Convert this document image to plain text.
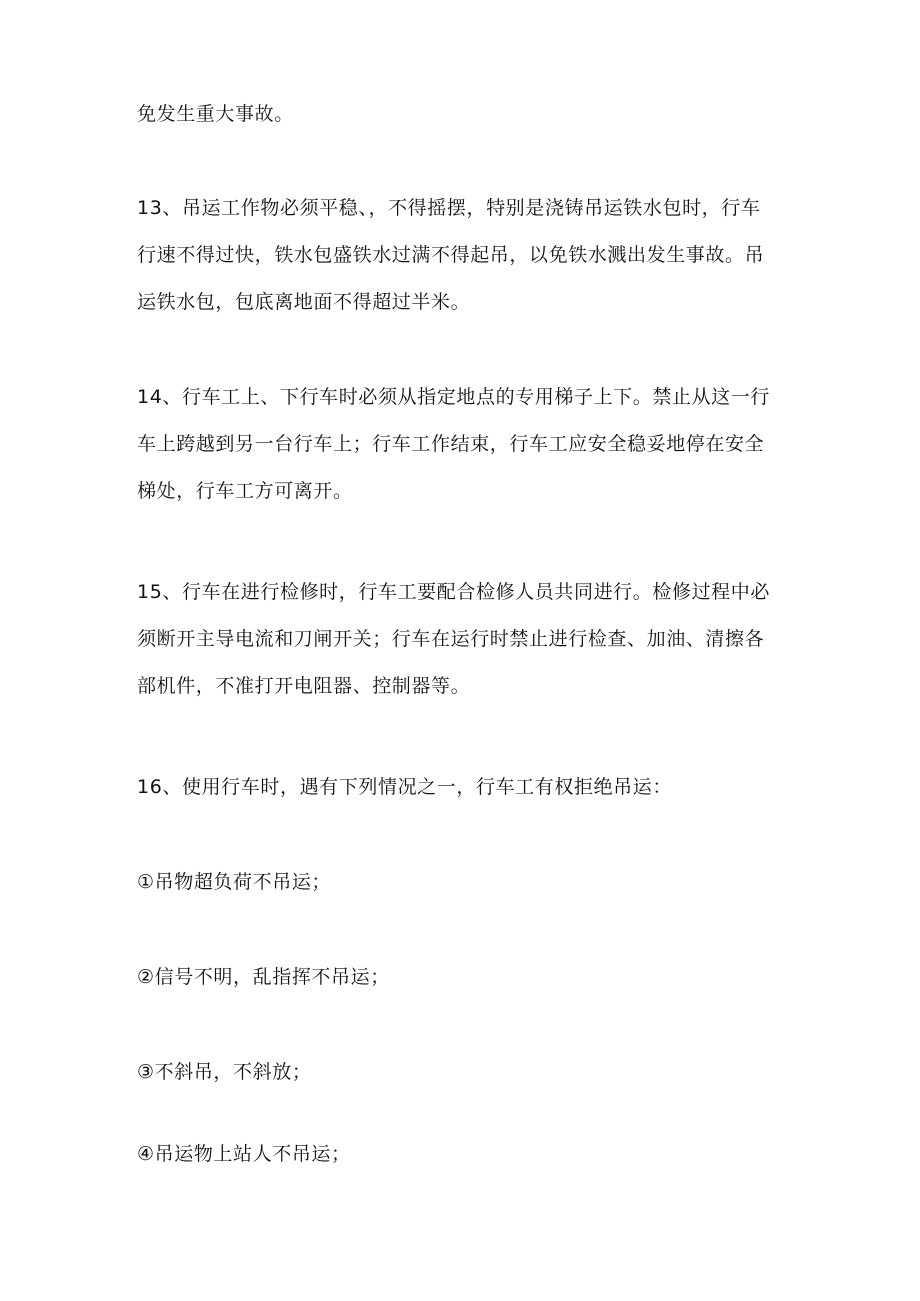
免发生重大事故。
13、吊运工作物必须平稳、，不得摇摆，特别是浇铸吊运铁水包时，行车
行速不得过快，铁水包盛铁水过满不得起吊，以免铁水溅出发生事故。吊
运铁水包，包底离地面不得超过半米。
14、行车工上、下行车时必须从指定地点的专用梯子上下。禁止从这一行
车上跨越到另一台行车上；行车工作结束，行车工应安全稳妥地停在安全
梯处，行车工方可离开。
15、行车在进行检修时，行车工要配合检修人员共同进行。检修过程中必
须断开主导电流和刀闸开关；行车在运行时禁止进行检查、加油、清擦各
部机件，不准打开电阻器、控制器等。
16、使用行车时，遇有下列情况之一，行车工有权拒绝吊运：
①吊物超负荷不吊运；
②信号不明，乱指挥不吊运；
③不斜吊，不斜放；
④吊运物上站人不吊运；
